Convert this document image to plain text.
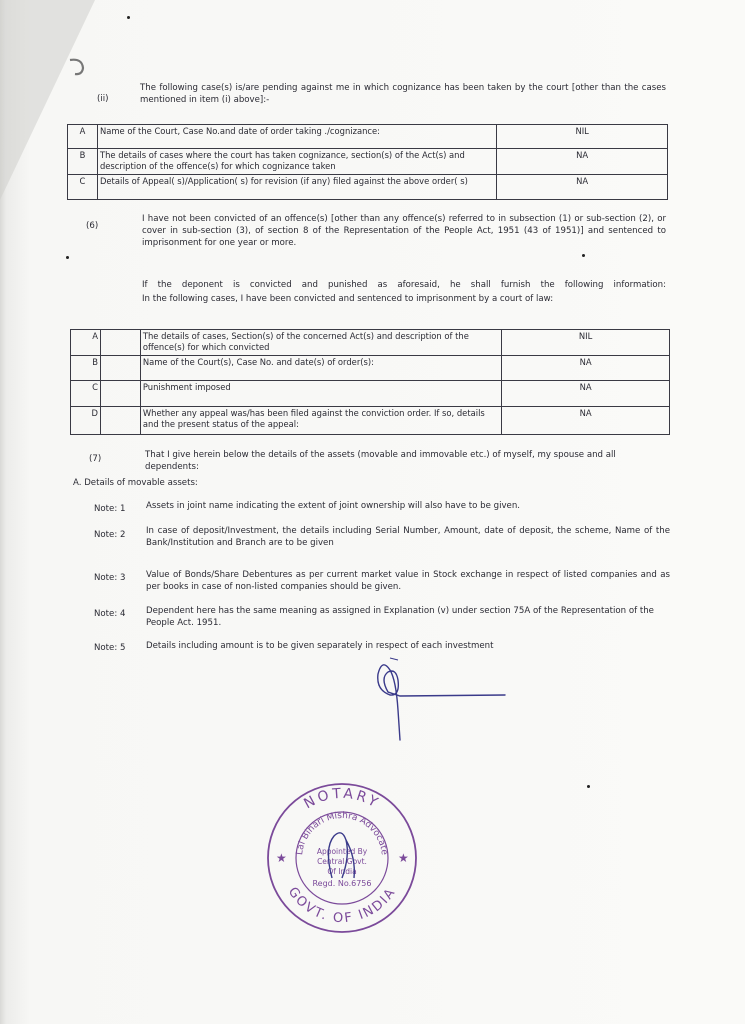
(ii)
The following case(s) is/are pending against me in which cognizance has been taken by the court [other than the cases mentioned in item (i) above]:-
A	Name of the Court, Case No.and date of order taking ./cognizance:	NIL
B	The details of cases where the court has taken cognizance, section(s) of the Act(s) and description of the offence(s) for which cognizance taken	NA
C	Details of Appeal( s)/Application( s) for revision (if any) filed against the above order( s)	NA
(6)
I have not been convicted of an offence(s) [other than any offence(s) referred to in subsection (1) or sub-section (2), or cover in sub-section (3), of section 8 of the Representation of the People Act, 1951 (43 of 1951)] and sentenced to imprisonment for one year or more.
If the deponent is convicted and punished as aforesaid, he shall furnish the following information:
In the following cases, I have been convicted and sentenced to imprisonment by a court of law:
A		The details of cases, Section(s) of the concerned Act(s) and description of the offence(s) for which convicted	NIL
B		Name of the Court(s), Case No. and date(s) of order(s):	NA
C		Punishment imposed	NA
D		Whether any appeal was/has been filed against the conviction order. If so, details and the present status of the appeal:	NA
(7)	That I give herein below the details of the assets (movable and immovable etc.) of myself, my spouse and all dependents:
A. Details of movable assets:
Note: 1 Assets in joint name indicating the extent of joint ownership will also have to be given.
Note: 2 In case of deposit/Investment, the details including Serial Number, Amount, date of deposit, the scheme, Name of the Bank/Institution and Branch are to be given
Note: 3 Value of Bonds/Share Debentures as per current market value in Stock exchange in respect of listed companies and as per books in case of non-listed companies should be given.
Note: 4 Dependent here has the same meaning as assigned in Explanation (v) under section 75A of the Representation of the People Act. 1951.
Note: 5 Details including amount is to be given separately in respect of each investment
NOTARY
GOVT. OF INDIA
Lal Bihari Mishra Advocate
Appointed By
Central Govt.
Of India
Regd. No.6756
★	★
